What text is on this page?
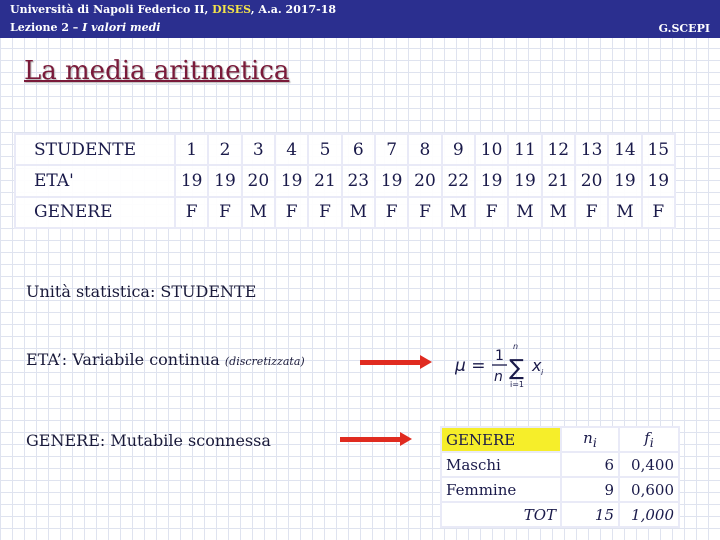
Università di Napoli Federico II, DISES, A.a. 2017-18
Lezione 2 – I valori medi	G.SCEPI
La media aritmetica
STUDENTE	1	2	3	4	5	6	7	8	9	10	11	12	13	14	15
ETA'	19	19	20	19	21	23	19	20	22	19	19	21	20	19	19
GENERE	F	F	M	F	F	M	F	F	M	F	M	M	F	M	F
Unità statistica: STUDENTE
ETA’: Variabile continua (discretizzata)
GENERE: Mutabile sconnessa
μ = 1
n
n
∑
i=1
x i
GENERE	$n_i$	$f_i$
Maschi	6	0,400
Femmine	9	0,600
TOT	15	1,000
